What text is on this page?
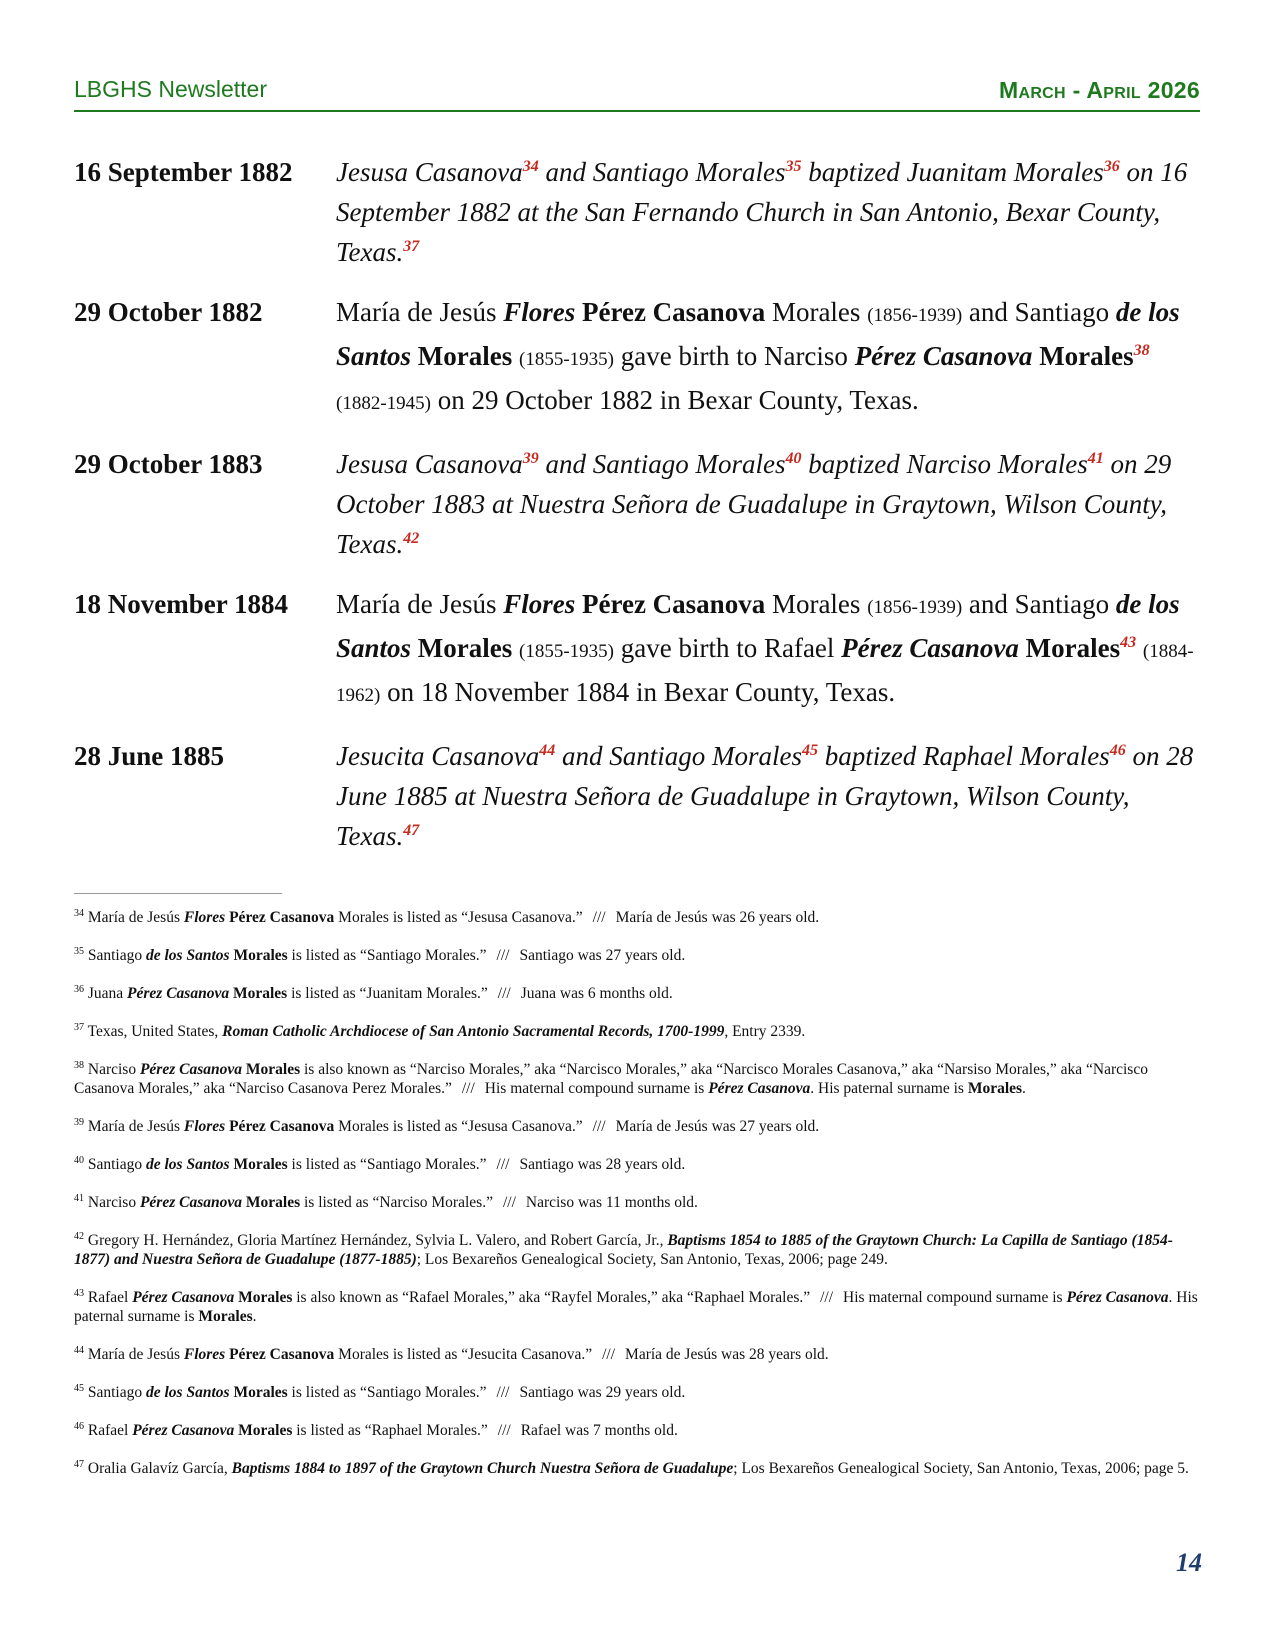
LBGHS Newsletter	March - April 2026
16 September 1882	Jesusa Casanova$^{34}$ and Santiago Morales$^{35}$ baptized Juanitam Morales$^{36}$ on 16 September 1882 at the San Fernando Church in San Antonio, Bexar County, Texas.$^{37}$
29 October 1882	María de Jesús Flores Pérez Casanova Morales (1856-1939) and Santiago de los Santos Morales (1855-1935) gave birth to Narciso Pérez Casanova Morales$^{38}$ (1882-1945) on 29 October 1882 in Bexar County, Texas.
29 October 1883	Jesusa Casanova$^{39}$ and Santiago Morales$^{40}$ baptized Narciso Morales$^{41}$ on 29 October 1883 at Nuestra Señora de Guadalupe in Graytown, Wilson County, Texas.$^{42}$
18 November 1884	María de Jesús Flores Pérez Casanova Morales (1856-1939) and Santiago de los Santos Morales (1855-1935) gave birth to Rafael Pérez Casanova Morales$^{43}$ (1884-1962) on 18 November 1884 in Bexar County, Texas.
28 June 1885	Jesucita Casanova$^{44}$ and Santiago Morales$^{45}$ baptized Raphael Morales$^{46}$ on 28 June 1885 at Nuestra Señora de Guadalupe in Graytown, Wilson County, Texas.$^{47}$
$^{34}$ María de Jesús Flores Pérez Casanova Morales is listed as “Jesusa Casanova.” /// María de Jesús was 26 years old.
$^{35}$ Santiago de los Santos Morales is listed as “Santiago Morales.” /// Santiago was 27 years old.
$^{36}$ Juana Pérez Casanova Morales is listed as “Juanitam Morales.” /// Juana was 6 months old.
$^{37}$ Texas, United States, Roman Catholic Archdiocese of San Antonio Sacramental Records, 1700-1999, Entry 2339.
$^{38}$ Narciso Pérez Casanova Morales is also known as “Narciso Morales,” aka “Narcisco Morales,” aka “Narcisco Morales Casanova,” aka “Narsiso Morales,” aka “Narcisco Casanova Morales,” aka “Narciso Casanova Perez Morales.” /// His maternal compound surname is Pérez Casanova. His paternal surname is Morales.
$^{39}$ María de Jesús Flores Pérez Casanova Morales is listed as “Jesusa Casanova.” /// María de Jesús was 27 years old.
$^{40}$ Santiago de los Santos Morales is listed as “Santiago Morales.” /// Santiago was 28 years old.
$^{41}$ Narciso Pérez Casanova Morales is listed as “Narciso Morales.” /// Narciso was 11 months old.
$^{42}$ Gregory H. Hernández, Gloria Martínez Hernández, Sylvia L. Valero, and Robert García, Jr., Baptisms 1854 to 1885 of the Graytown Church: La Capilla de Santiago (1854-1877) and Nuestra Señora de Guadalupe (1877-1885); Los Bexareños Genealogical Society, San Antonio, Texas, 2006; page 249.
$^{43}$ Rafael Pérez Casanova Morales is also known as “Rafael Morales,” aka “Rayfel Morales,” aka “Raphael Morales.” /// His maternal compound surname is Pérez Casanova. His paternal surname is Morales.
$^{44}$ María de Jesús Flores Pérez Casanova Morales is listed as “Jesucita Casanova.” /// María de Jesús was 28 years old.
$^{45}$ Santiago de los Santos Morales is listed as “Santiago Morales.” /// Santiago was 29 years old.
$^{46}$ Rafael Pérez Casanova Morales is listed as “Raphael Morales.” /// Rafael was 7 months old.
$^{47}$ Oralia Galavíz García, Baptisms 1884 to 1897 of the Graytown Church Nuestra Señora de Guadalupe; Los Bexareños Genealogical Society, San Antonio, Texas, 2006; page 5.
14
